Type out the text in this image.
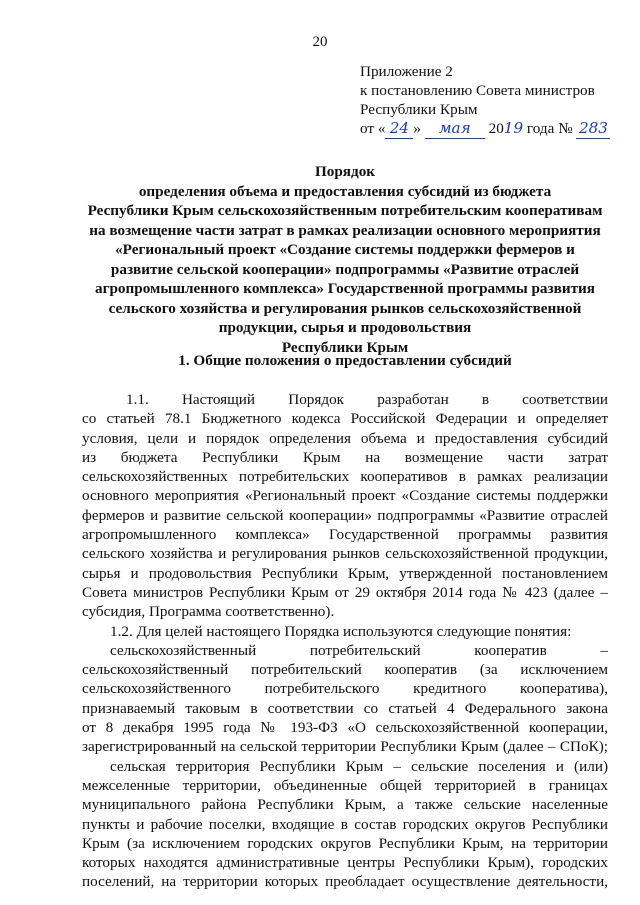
20
Приложение 2
к постановлению Совета министров
Республики Крым
от « 24 » мая 2019 года № 283
Порядок
определения объема и предоставления субсидий из бюджета
Республики Крым сельскохозяйственным потребительским кооперативам
на возмещение части затрат в рамках реализации основного мероприятия
«Региональный проект «Создание системы поддержки фермеров и
развитие сельской кооперации» подпрограммы «Развитие отраслей
агропромышленного комплекса» Государственной программы развития
сельского хозяйства и регулирования рынков сельскохозяйственной
продукции, сырья и продовольствия
Республики Крым
1. Общие положения о предоставлении субсидий
1.1. Настоящий Порядок разработан в соответствии
со статьей 78.1 Бюджетного кодекса Российской Федерации и определяет
условия, цели и порядок определения объема и предоставления субсидий
из бюджета Республики Крым на возмещение части затрат
сельскохозяйственных потребительских кооперативов в рамках реализации
основного мероприятия «Региональный проект «Создание системы поддержки
фермеров и развитие сельской кооперации» подпрограммы «Развитие отраслей
агропромышленного комплекса» Государственной программы развития
сельского хозяйства и регулирования рынков сельскохозяйственной продукции,
сырья и продовольствия Республики Крым, утвержденной постановлением
Совета министров Республики Крым от 29 октября 2014 года № 423 (далее –
субсидия, Программа соответственно).
1.2. Для целей настоящего Порядка используются следующие понятия:
сельскохозяйственный потребительский кооператив –
сельскохозяйственный потребительский кооператив (за исключением
сельскохозяйственного потребительского кредитного кооператива),
признаваемый таковым в соответствии со статьей 4 Федерального закона
от 8 декабря 1995 года № 193-ФЗ «О сельскохозяйственной кооперации,
зарегистрированный на сельской территории Республики Крым (далее – СПоК);
сельская территория Республики Крым – сельские поселения и (или)
межселенные территории, объединенные общей территорией в границах
муниципального района Республики Крым, а также сельские населенные
пункты и рабочие поселки, входящие в состав городских округов Республики
Крым (за исключением городских округов Республики Крым, на территории
которых находятся административные центры Республики Крым), городских
поселений, на территории которых преобладает осуществление деятельности,
